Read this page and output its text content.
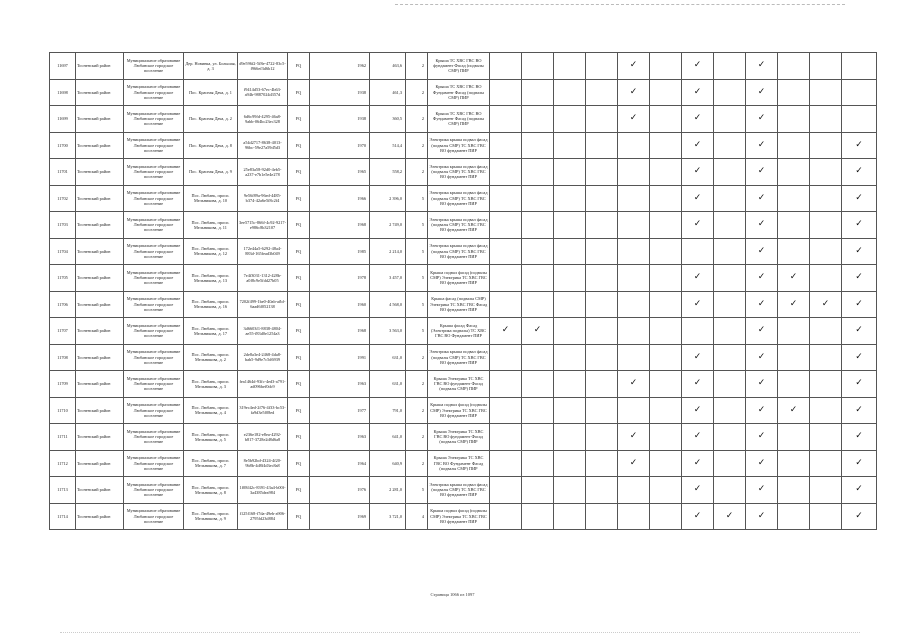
11697	Тосненский район	Муниципальное образование Любанское городское поселение	Дер. Новинка, ул. Большая, д. 3	d9e596f2-5f8e-4722-83c5-f966ef3d6b12	FQ	1962	463,6	2	Крыша ТС ХВС ГВС ВО фундамент Фасад (подвалы СМР) ПИР					✓		✓		✓			
11698	Тосненский район	Муниципальное образование Любанское городское поселение	Пос. Красная Дача, д. 1	f9414d53-67ec-4b63-a94b-9887024d357d	FQ	1938	461,3	2	Крыша ТС ХВС ГВС ВО Фундамент Фасад (подвалы СМР) ПИР					✓		✓		✓			
11699	Тосненский район	Муниципальное образование Любанское городское поселение	Пос. Красная Дача, д. 2	6d6c99fd-4295-46a8-9abb-064bc23ec328	FQ	1938	360,5	2	Крыша ТС ХВС ГВС ВО Фундамент Фасад (подвалы СМР) ПИР					✓		✓		✓			
11700	Тосненский район	Муниципальное образование Любанское городское поселение	Пос. Красная Дача, д. 8	a54d2717-8638-4013-96bc-59e27a59d5d3	FQ	1970	514,4	2	Электрика крыша подвал фасад (подвалы СМР) ТС ХВС ГВС ВО фундамент ПИР							✓		✓			✓
11701	Тосненский район	Муниципальное образование Любанское городское поселение	Пос. Красная Дача, д. 9	25e83a58-92d0-4eb5-a237-e7b1e5e4e278	FQ	1965	558,2	2	Электрика крыша подвал фасад (подвалы СМР) ТС ХВС ГВС ВО фундамент ПИР							✓		✓			✓
11702	Тосненский район	Муниципальное образование Любанское городское поселение	Пос. Любань, просп. Мельникова, д. 10	9e56f89a-96ed-4485-b374-42a6e5f8c2f4	FQ	1966	2 396,0	5	Электрика крыша подвал фасад (подвалы СМР) ТС ХВС ГВС ВО фундамент ПИР							✓		✓			✓
11703	Тосненский район	Муниципальное образование Любанское городское поселение	Пос. Любань, просп. Мельникова, д. 11	3ee5715c-866f-4c92-9217-e986c8b32107	FQ	1968	2 749,0	5	Электрика крыша подвал фасад (подвалы СМР) ТС ХВС ГВС ВО фундамент ПИР							✓		✓			✓
11704	Тосненский район	Муниципальное образование Любанское городское поселение	Пос. Любань, просп. Мельникова, д. 12	172e44a5-6292-48a4-883d-165fead3b049	FQ	1985	2 214,0	5	Электрика крыша подвал фасад (подвалы СМР) ТС ХВС ГВС ВО фундамент ПИР									✓			✓
11705	Тосненский район	Муниципальное образование Любанское городское поселение	Пос. Любань, просп. Мельникова, д. 13	7e4f3031-1312-428b-a0f8c9e5fdd27b05	FQ	1978	3 457,0	5	Крыша подвал фасад (подвалы СМР) Электрика ТС ХВС ГВС ВО фундамент ПИР							✓		✓	✓		✓
11706	Тосненский район	Муниципальное образование Любанское городское поселение	Пос. Любань, просп. Мельникова, д. 16	7202f499-1be0-40ab-afbf-6aad6f052138	FQ	1960	4 568,0	5	Крыша фасад (подвалы СМР) Электрика ТС ХВС ГВС Фасад ВО фундамент ПИР							✓		✓	✓	✓	✓
11707	Тосненский район	Муниципальное образование Любанское городское поселение	Пос. Любань, просп. Мельникова, д. 17	3d6603f1-8838-4804-ae55-f83d0e1254a3	FQ	1968	3 563,0	5	Крыша фасад Фасад (Электрика подвалы) ТС ХВС ГВС ВО Фундамент ПИР	✓	✓							✓			✓
11708	Тосненский район	Муниципальное образование Любанское городское поселение	Пос. Любань, просп. Мельникова, д. 2	2de8a3e4-2468-4da8-bab5-9d9e7c5d6939	FQ	1991	631,0	2	Электрика крыша подвал фасад (подвалы СМР) ТС ХВС ГВС ВО фундамент ПИР							✓		✓			✓
11709	Тосненский район	Муниципальное образование Любанское городское поселение	Пос. Любань, просп. Мельникова, д. 3	fea1464d-93fc-4ed3-a791-ad096bef0dc9	FQ	1963	631,0	2	Крыша Электрика ТС ХВС ГВС ВО фундамент Фасад (подвалы СМР) ПИР					✓		✓		✓			✓
11710	Тосненский район	Муниципальное образование Любанское городское поселение	Пос. Любань, просп. Мельникова, д. 4	319ec4ed-2f76-4f33-bc53-fa9d3e5f08ed	FQ	1977	791,0	2	Крыша подвал фасад (подвалы СМР) Электрика ТС ХВС ГВС ВО фундамент ПИР							✓		✓	✓		✓
11711	Тосненский район	Муниципальное образование Любанское городское поселение	Пос. Любань, просп. Мельникова, д. 5	e236e182-e8ea-4292-b817-3728e2d8d6a8	FQ	1963	641,0	2	Крыша Электрика ТС ХВС ГВС ВО фундамент Фасад (подвалы СМР) ПИР					✓		✓		✓			✓
11712	Тосненский район	Муниципальное образование Любанское городское поселение	Пос. Любань, просп. Мельникова, д. 7	8e5b92bd-4324-4f20-9b8b-4d8f4d3ec8a8	FQ	1964	640,9	2	Крыша Электрика ТС ХВС ГВС ВО Фундамент Фасад (подвалы СМР) ПИР					✓		✓		✓			✓
11713	Тосненский район	Муниципальное образование Любанское городское поселение	Пос. Любань, просп. Мельникова, д. 8	1f08f42c-8391-43a4-b00f-3a4385dea984	FQ	1976	2 281,0	5	Электрика крыша подвал фасад (подвалы СМР) ТС ХВС ГВС ВО фундамент ПИР							✓		✓			✓
11714	Тосненский район	Муниципальное образование Любанское городское поселение	Пос. Любань, просп. Мельникова, д. 9	f125f168-f7da-49eb-a906-2795fd23d884	FQ	1969	3 721,0	4	Крыша подвал фасад (подвалы СМР) Электрика ТС ХВС ГВС ВО фундамент ПИР							✓	✓	✓			✓
Страница 1066 из 1097
